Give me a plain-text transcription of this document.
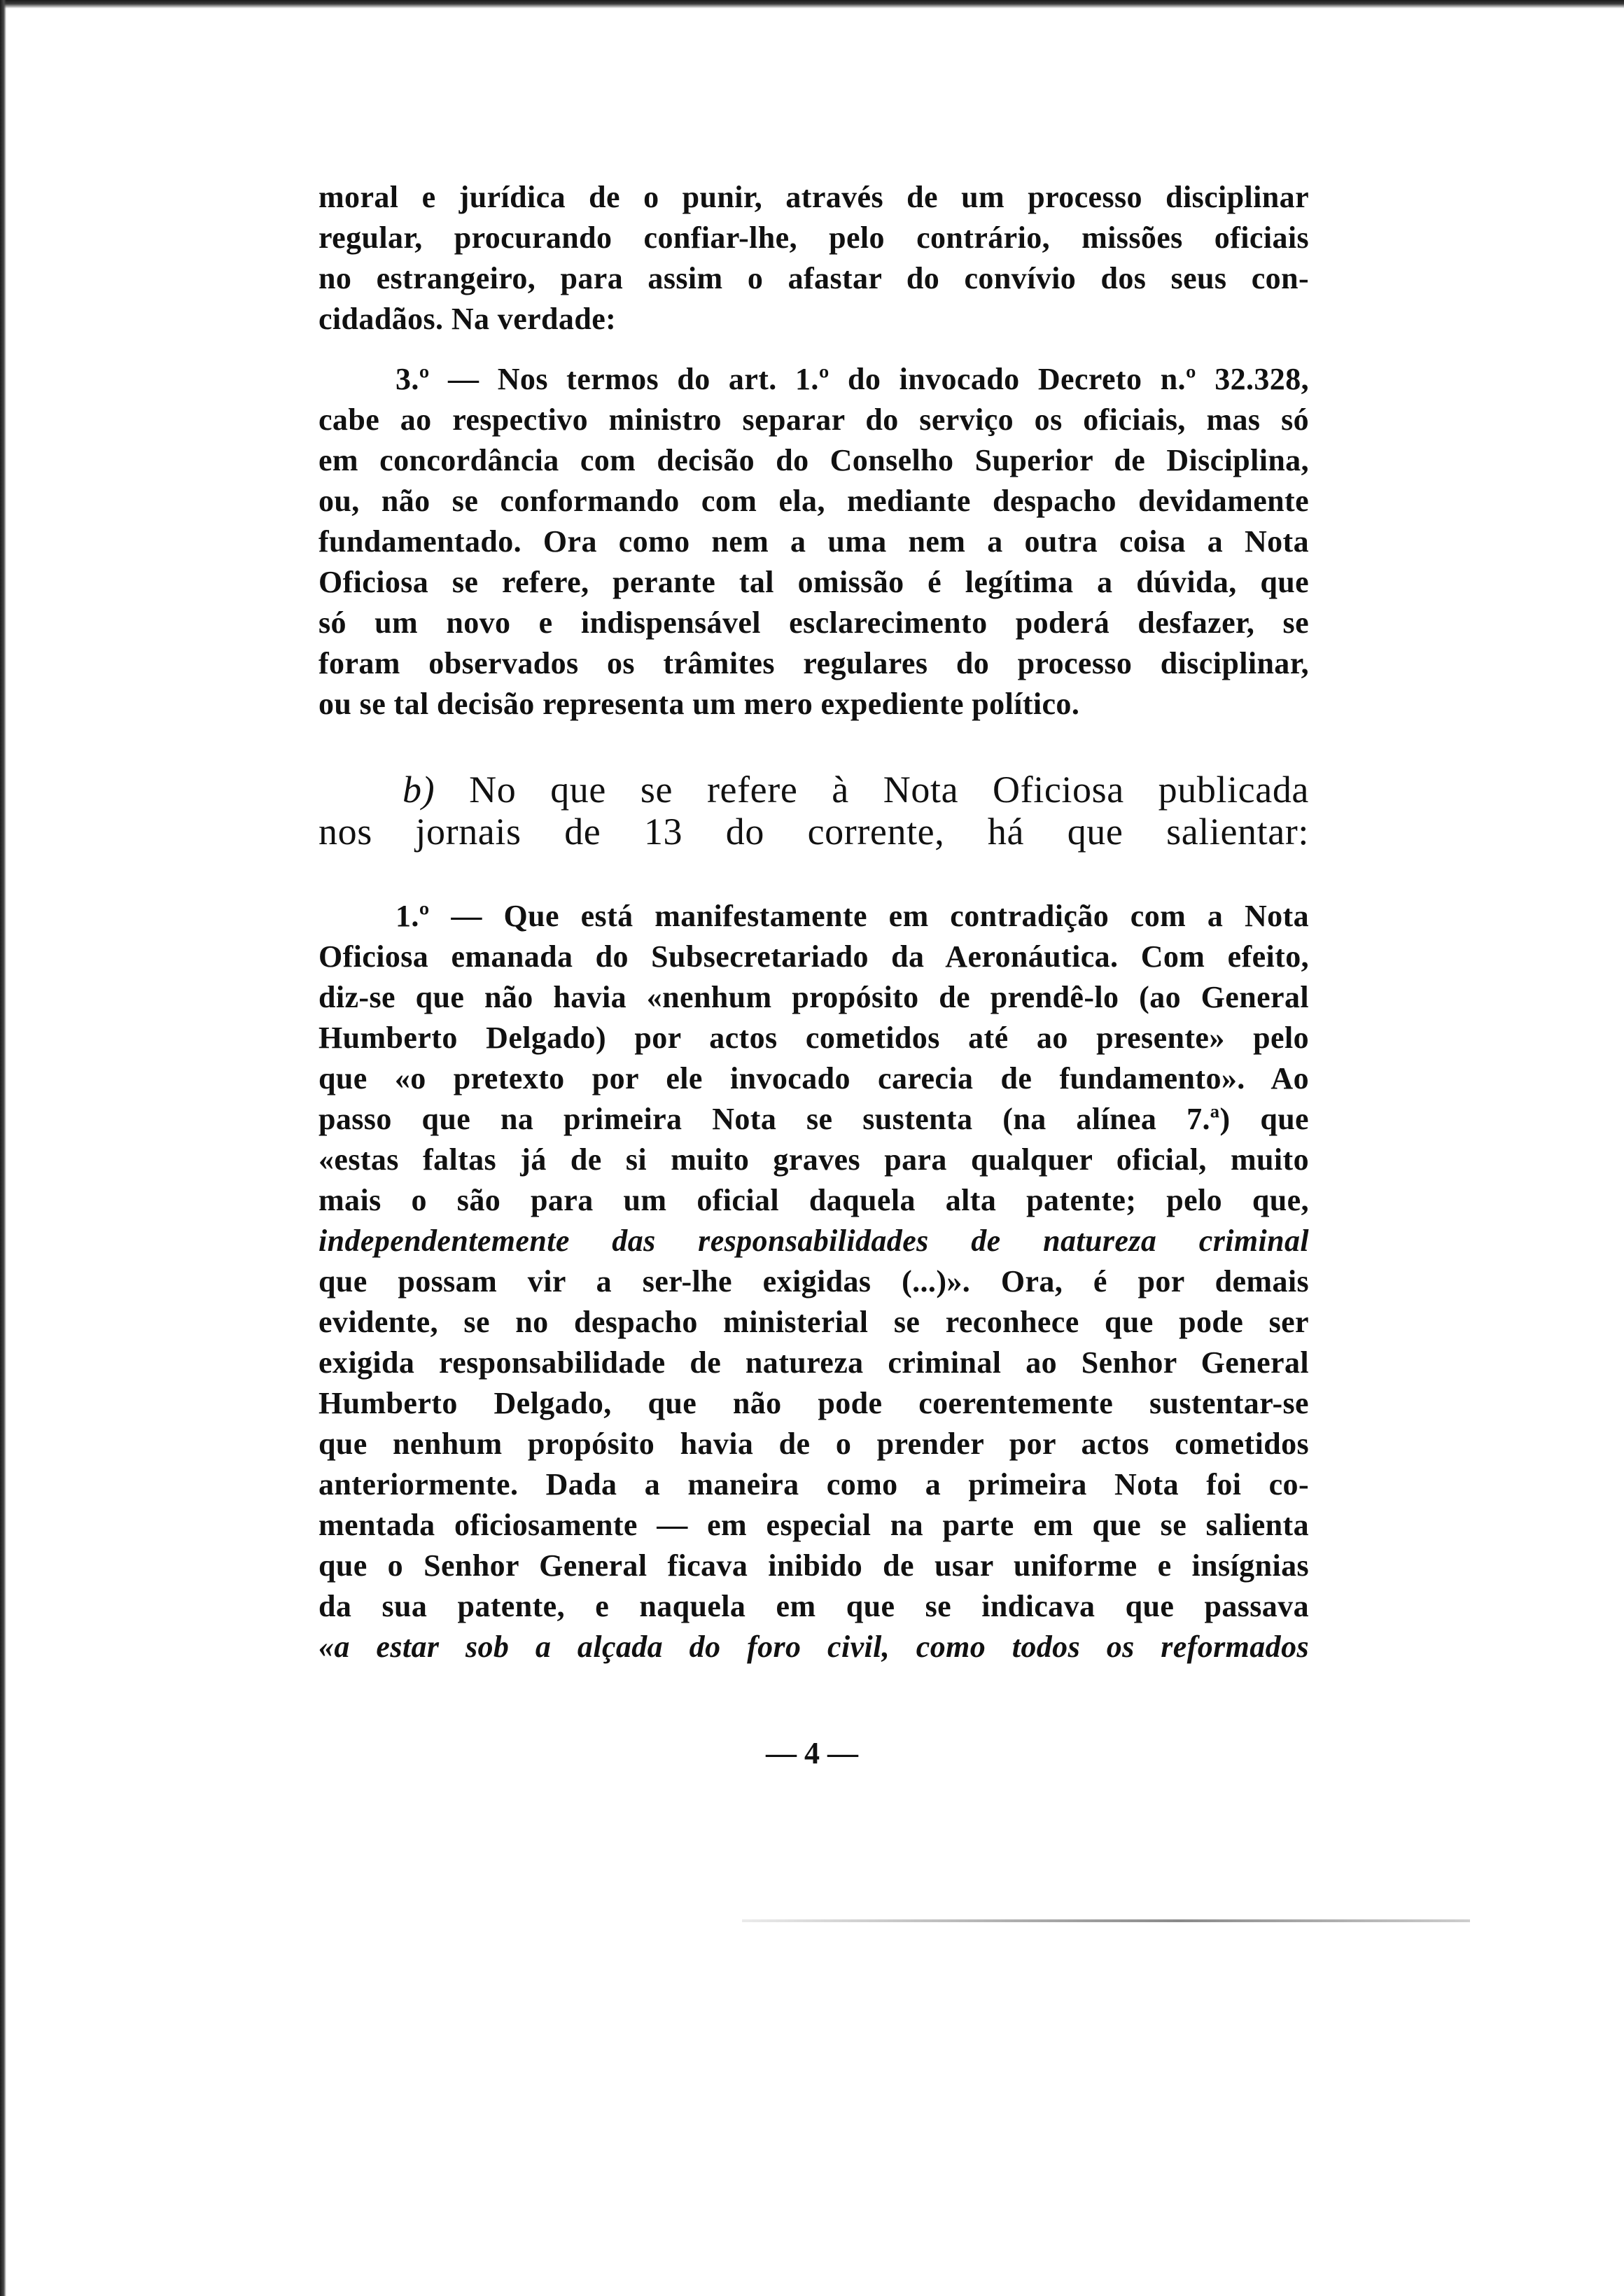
moral e jurídica de o punir, através de um processo disciplinar
regular, procurando confiar-lhe, pelo contrário, missões oficiais
no estrangeiro, para assim o afastar do convívio dos seus con-
cidadãos. Na verdade:
3.º — Nos termos do art. 1.º do invocado Decreto n.º 32.328,
cabe ao respectivo ministro separar do serviço os oficiais, mas só
em concordância com decisão do Conselho Superior de Disciplina,
ou, não se conformando com ela, mediante despacho devidamente
fundamentado. Ora como nem a uma nem a outra coisa a Nota
Oficiosa se refere, perante tal omissão é legítima a dúvida, que
só um novo e indispensável esclarecimento poderá desfazer, se
foram observados os trâmites regulares do processo disciplinar,
ou se tal decisão representa um mero expediente político.
b) No que se refere à Nota Oficiosa publicada
nos jornais de 13 do corrente, há que salientar:
1.º — Que está manifestamente em contradição com a Nota
Oficiosa emanada do Subsecretariado da Aeronáutica. Com efeito,
diz-se que não havia «nenhum propósito de prendê-lo (ao General
Humberto Delgado) por actos cometidos até ao presente» pelo
que «o pretexto por ele invocado carecia de fundamento». Ao
passo que na primeira Nota se sustenta (na alínea 7.ª) que
«estas faltas já de si muito graves para qualquer oficial, muito
mais o são para um oficial daquela alta patente; pelo que,
independentemente das responsabilidades de natureza criminal
que possam vir a ser-lhe exigidas (...)». Ora, é por demais
evidente, se no despacho ministerial se reconhece que pode ser
exigida responsabilidade de natureza criminal ao Senhor General
Humberto Delgado, que não pode coerentemente sustentar-se
que nenhum propósito havia de o prender por actos cometidos
anteriormente. Dada a maneira como a primeira Nota foi co-
mentada oficiosamente — em especial na parte em que se salienta
que o Senhor General ficava inibido de usar uniforme e insígnias
da sua patente, e naquela em que se indicava que passava
«a estar sob a alçada do foro civil, como todos os reformados
— 4 —
